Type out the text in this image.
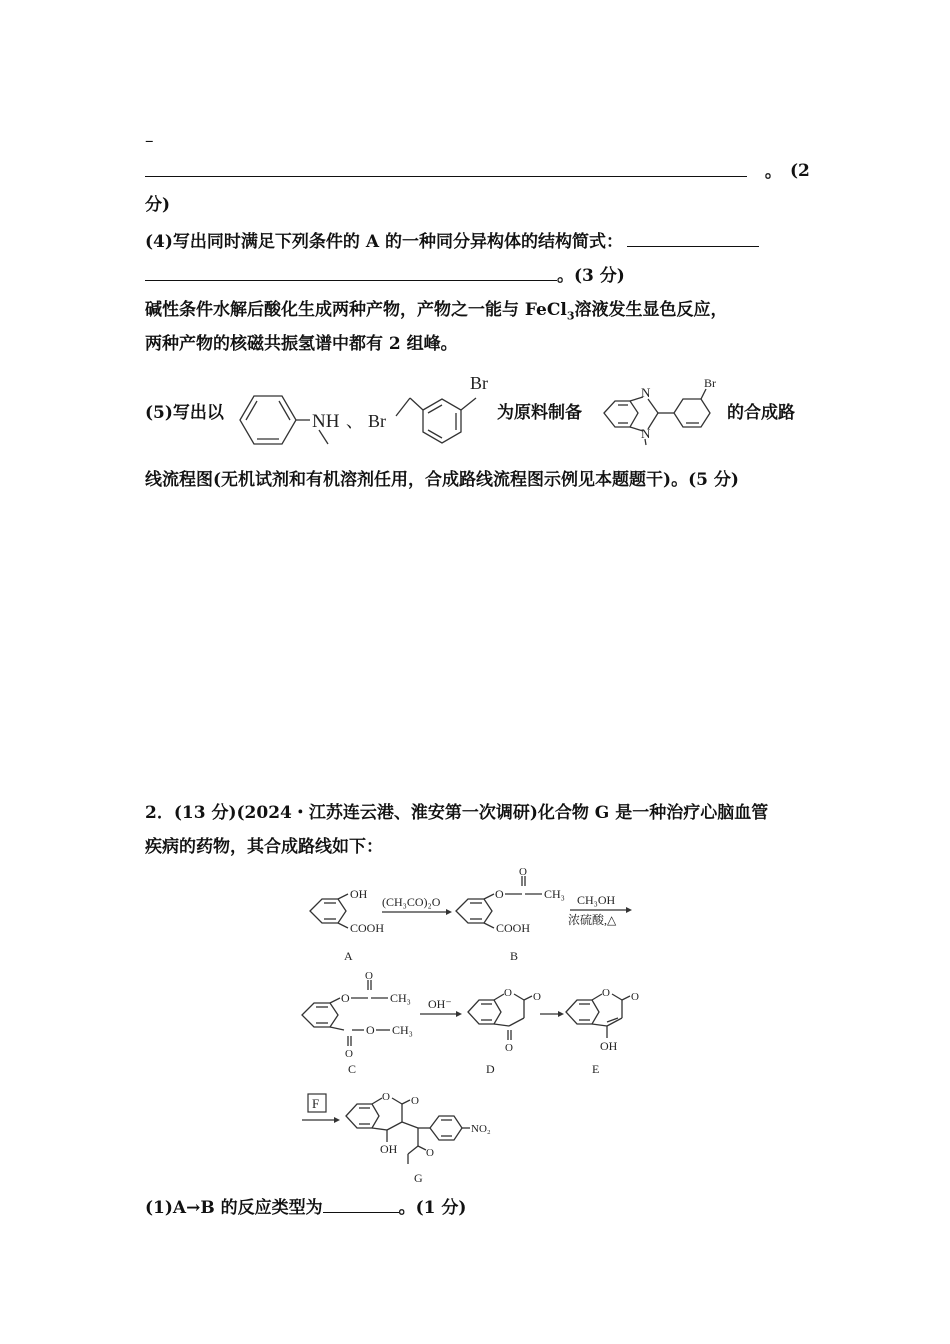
–
。 (2
分)
(4)写出同时满足下列条件的 A 的一种同分异构体的结构简式：
。(3 分)
碱性条件水解后酸化生成两种产物，产物之一能与 FeCl$_3$溶液发生显色反应，
两种产物的核磁共振氢谱中都有 2 组峰。
(5)写出以	NH 、 Br
Br
为原料制备
N
N
Br
的合成路
线流程图(无机试剂和有机溶剂任用，合成路线流程图示例见本题题干)。(5 分)
2．(13 分)(2024・江苏连云港、淮安第一次调研)化合物 G 是一种治疗心脑血管
疾病的药物，其合成路线如下：
OH
COOH
A
(CH₃CO)₂O
O
O
CH₃
COOH
B
CH₃OH
浓硫酸,△
O
O
CH₃
O
O CH₃
C
OH⁻
O O
O
D
O O
OH
E
F	O O
OH
NO₂
O
G
(1)A→B 的反应类型为	。(1 分)
